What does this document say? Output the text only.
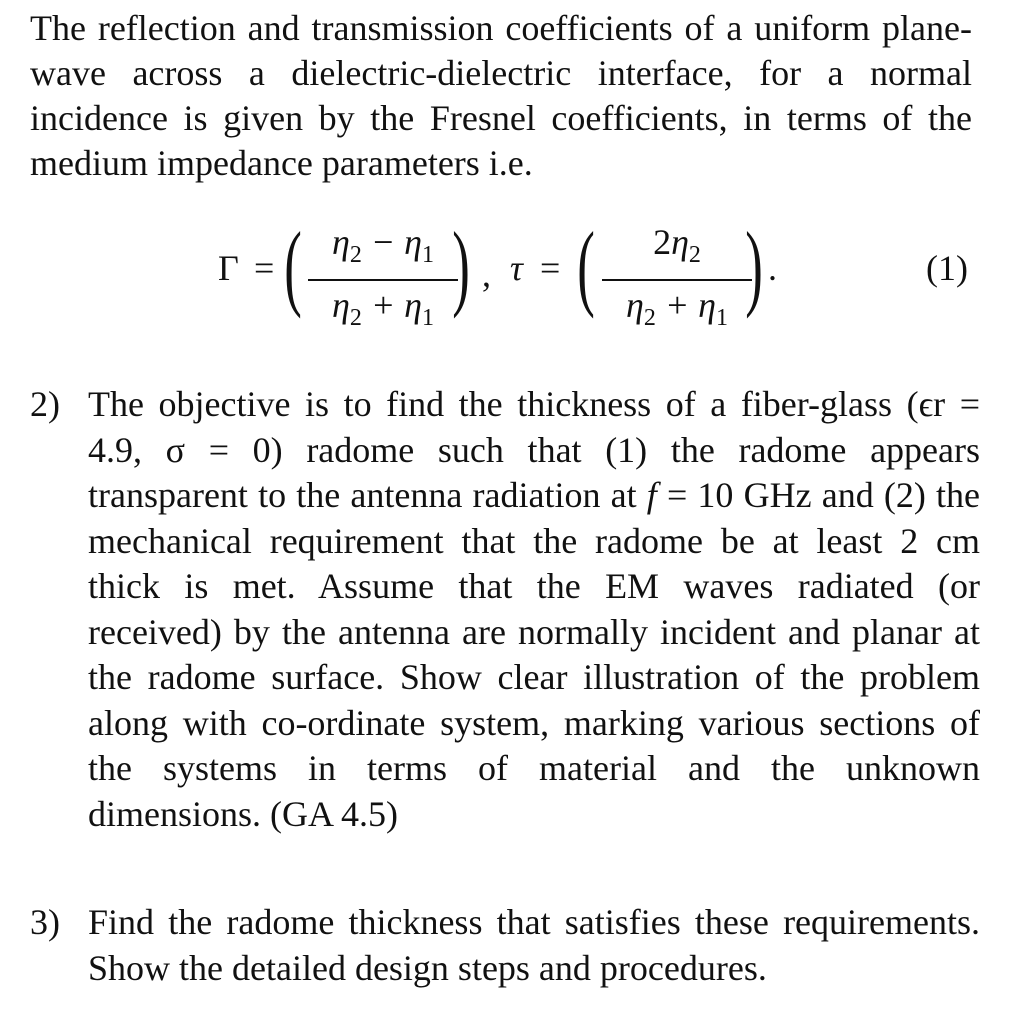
The reflection and transmission coefficients of a uniform plane-wave across a dielectric-dielectric interface, for a normal incidence is given by the Fresnel coefficients, in terms of the medium impedance parameters i.e.

Γ = ( $\eta_2 - \eta_1$
$\eta_2 + \eta_1$ ) , τ = (	$2\eta_2$
$\eta_2 + \eta_1$ ) .	(1)
2) The objective is to find the thickness of a fiber-glass (ϵr = 4.9, σ = 0) radome such that (1) the radome appears transparent to the antenna radiation at f = 10 GHz and (2) the mechanical requirement that the radome be at least 2 cm thick is met. Assume that the EM waves radiated (or received) by the antenna are normally incident and planar at the radome surface. Show clear illustration of the problem along with co-ordinate system, marking various sections of the systems in terms of material and the unknown dimensions. (GA 4.5)

3) Find the radome thickness that satisfies these requirements. Show the detailed design steps and procedures.
